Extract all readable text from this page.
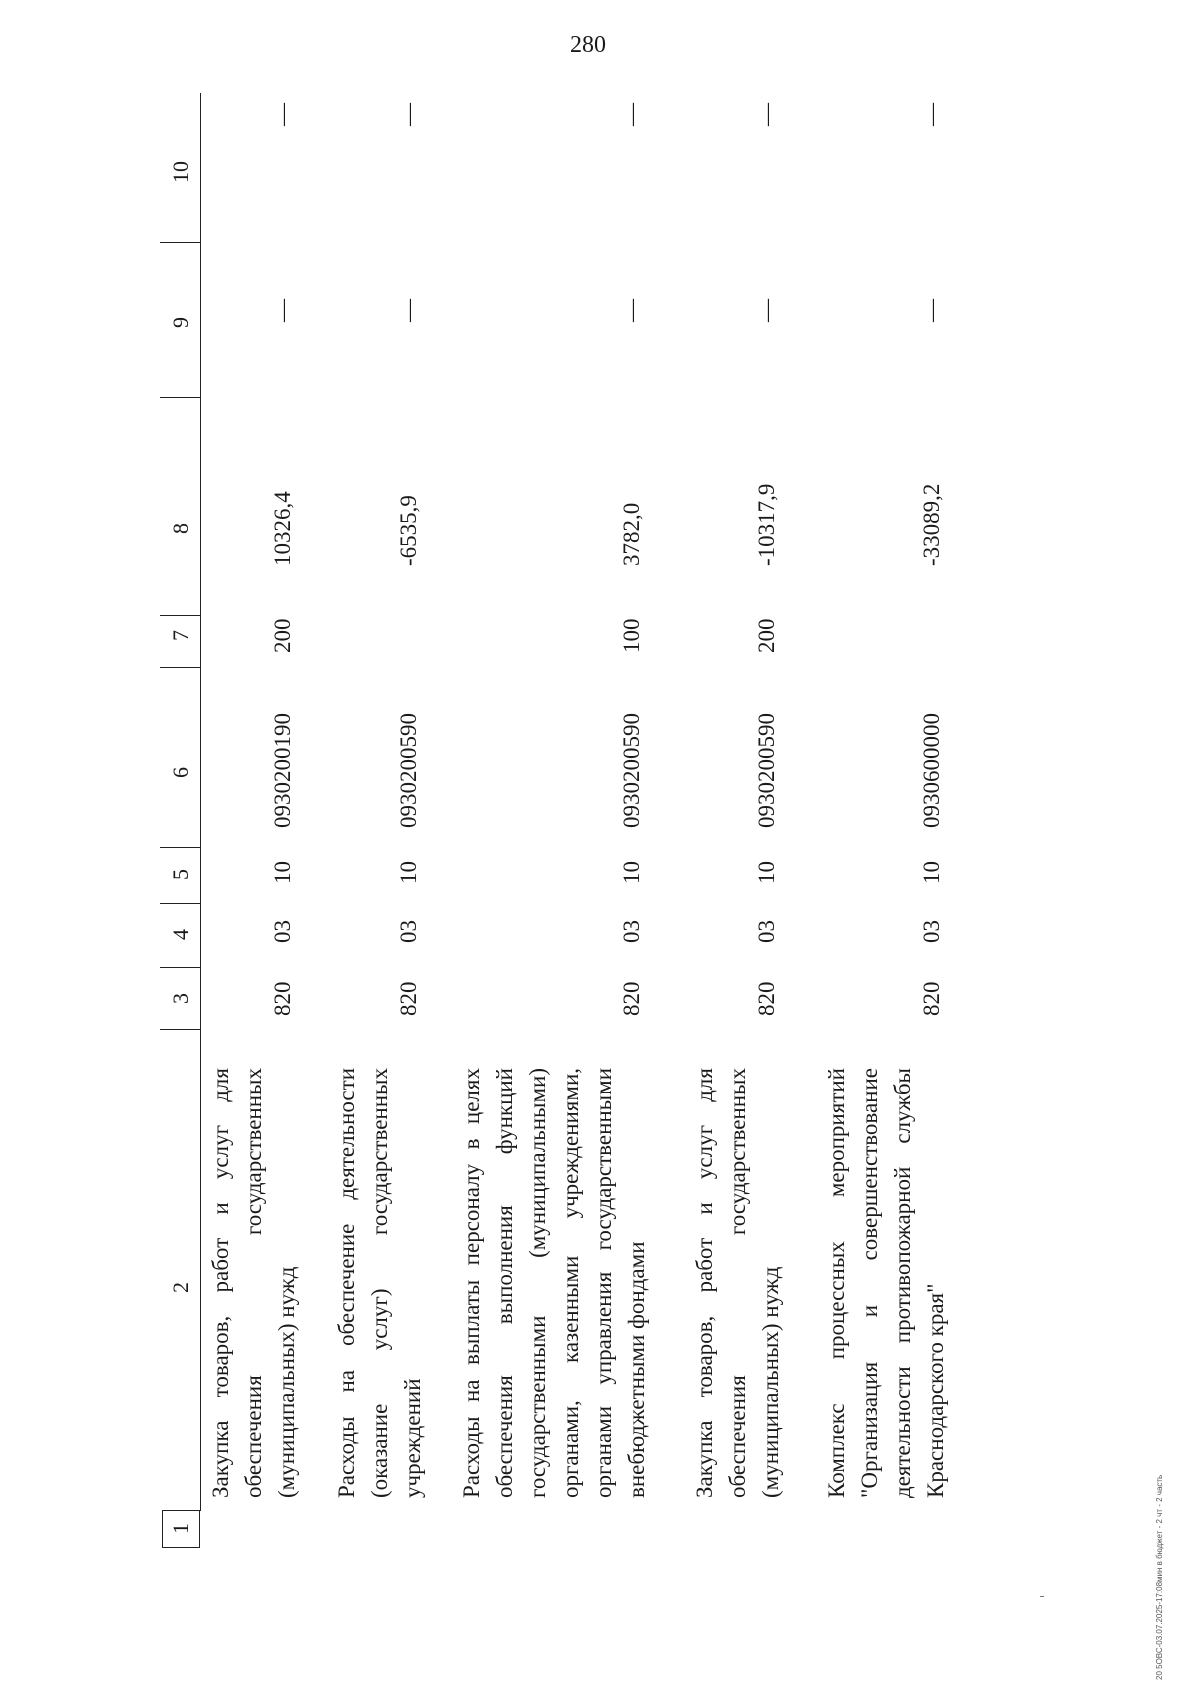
280
1
2
3
4
5
6
7
8
9
10
Закупка товаров, работ и услуг для обеспечения государственных (муниципальных) нужд
820
03
10
0930200190
200
10326,4
—
—
Расходы на обеспечение деятельности (оказание услуг) государственных учреждений
820
03
10
0930200590
-6535,9
—
—
Расходы на выплаты персоналу в целях обеспечения выполнения функций государственными (муниципальными) органами, казенными учреждениями, органами управления государственными внебюджетными фондами
820
03
10
0930200590
100
3782,0
—
—
Закупка товаров, работ и услуг для обеспечения государственных (муниципальных) нужд
820
03
10
0930200590
200
-10317,9
—
—
Комплекс процессных мероприятий "Организация и совершенствование деятельности противопожарной службы Краснодарского края"
820
03
10
0930600000
-33089,2
—
—
20 5ОВС-03.07.2025-17:08мин в бюджет - 2 чт - 2 часть
